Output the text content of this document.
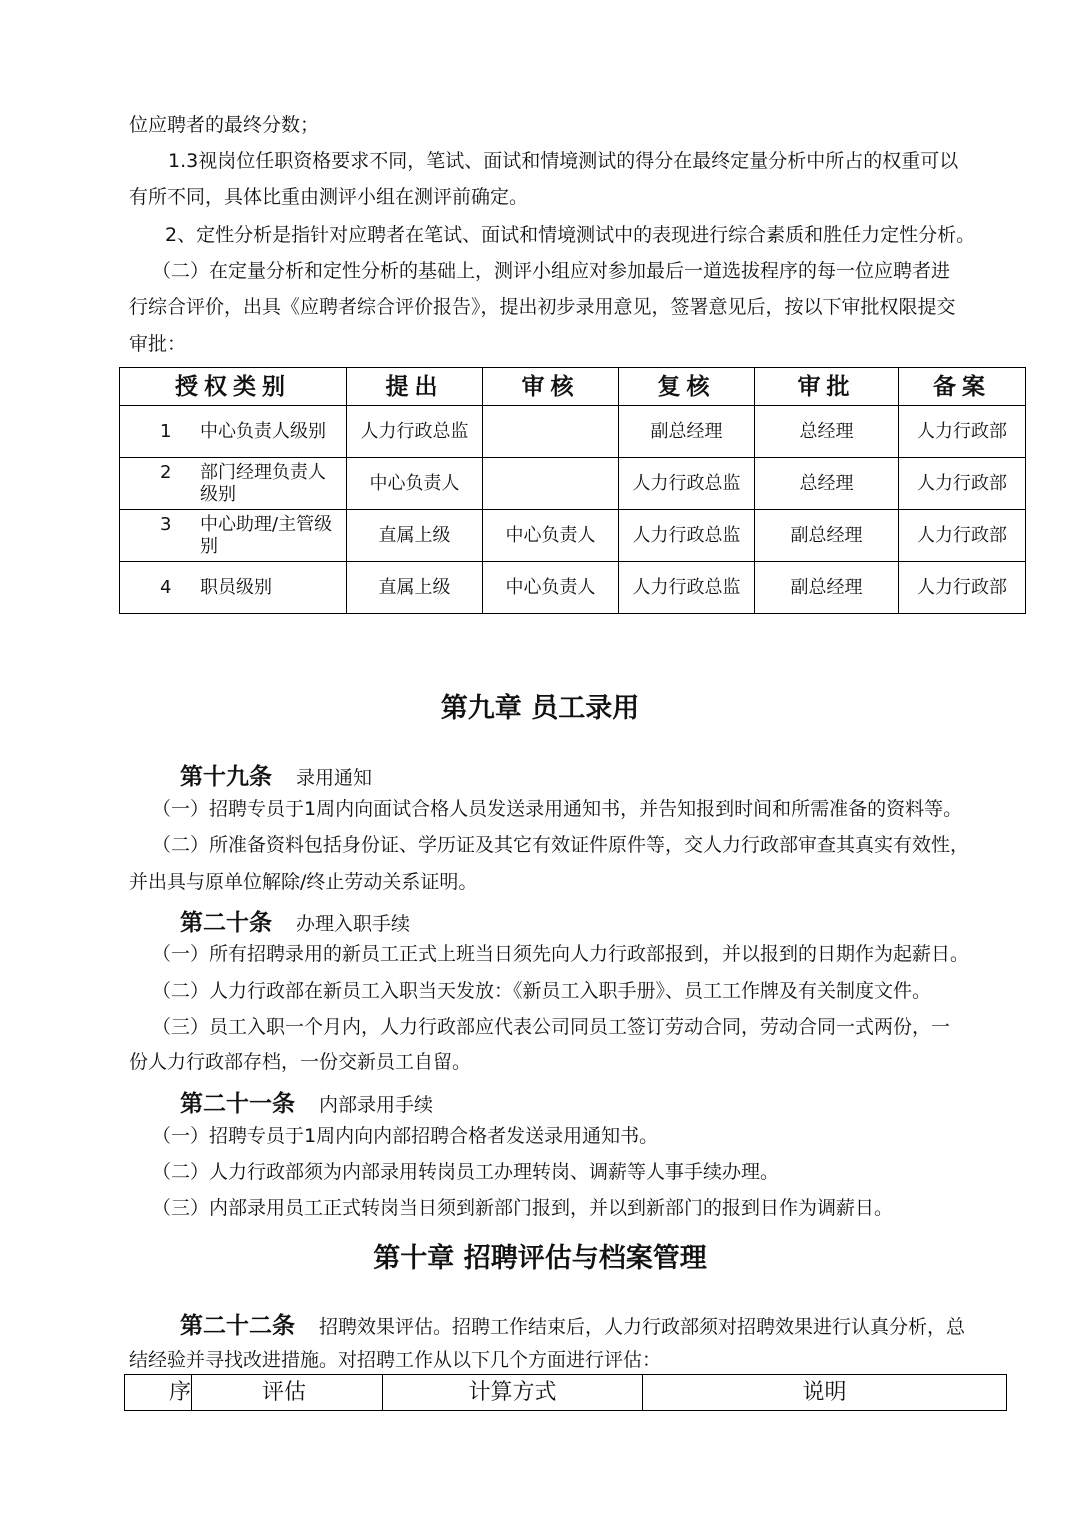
位应聘者的最终分数；
1.3视岗位任职资格要求不同，笔试、面试和情境测试的得分在最终定量分析中所占的权重可以
有所不同，具体比重由测评小组在测评前确定。
2、定性分析是指针对应聘者在笔试、面试和情境测试中的表现进行综合素质和胜任力定性分析。
（二）在定量分析和定性分析的基础上，测评小组应对参加最后一道选拔程序的每一位应聘者进
行综合评价，出具《应聘者综合评价报告》，提出初步录用意见，签署意见后，按以下审批权限提交
审批：
授权类别	提出	审核	复核	审批	备案

1 中心负责人级别	人力行政总监		副总经理	总经理	人力行政部

2 部门经理负责人级别	中心负责人		人力行政总监	总经理	人力行政部

3 中心助理/主管级别	直属上级	中心负责人	人力行政总监	副总经理	人力行政部

4 职员级别	直属上级	中心负责人	人力行政总监	副总经理	人力行政部
第九章 员工录用
第十九条 录用通知
（一）招聘专员于1周内向面试合格人员发送录用通知书，并告知报到时间和所需准备的资料等。
（二）所准备资料包括身份证、学历证及其它有效证件原件等，交人力行政部审查其真实有效性，
并出具与原单位解除/终止劳动关系证明。
第二十条 办理入职手续
（一）所有招聘录用的新员工正式上班当日须先向人力行政部报到，并以报到的日期作为起薪日。
（二）人力行政部在新员工入职当天发放：《新员工入职手册》、员工工作牌及有关制度文件。
（三）员工入职一个月内，人力行政部应代表公司同员工签订劳动合同，劳动合同一式两份，一
份人力行政部存档，一份交新员工自留。
第二十一条 内部录用手续
（一）招聘专员于1周内向内部招聘合格者发送录用通知书。
（二）人力行政部须为内部录用转岗员工办理转岗、调薪等人事手续办理。
（三）内部录用员工正式转岗当日须到新部门报到，并以到新部门的报到日作为调薪日。
第十章 招聘评估与档案管理
第二十二条 招聘效果评估。招聘工作结束后，人力行政部须对招聘效果进行认真分析，总
结经验并寻找改进措施。对招聘工作从以下几个方面进行评估：
序	评估	计算方式	说明
